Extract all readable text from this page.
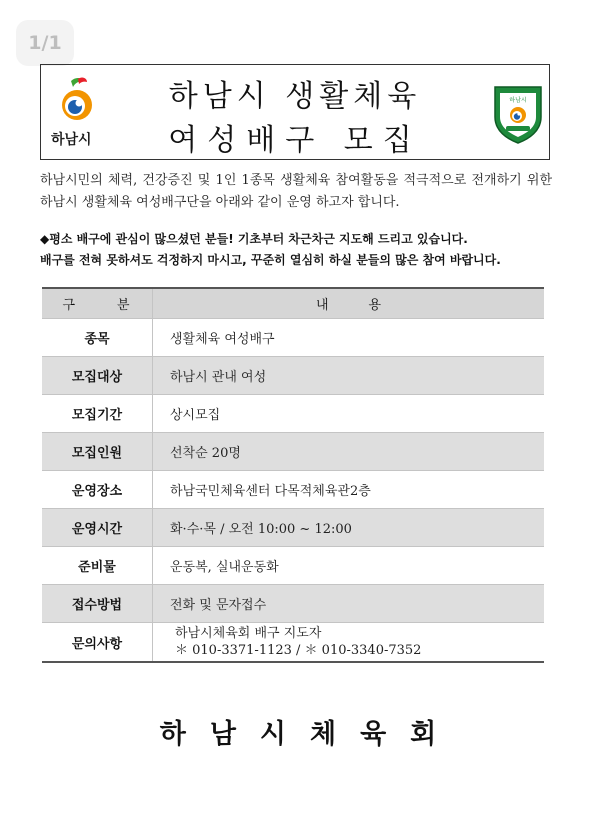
1/1
하남시
하남시 생활체육
여성배구 모집
하남시
하남시민의 체력, 건강증진 및 1인 1종목 생활체육 참여활동을 적극적으로 전개하기 위한 하남시 생활체육 여성배구단을 아래와 같이 운영 하고자 합니다.
◆평소 배구에 관심이 많으셨던 분들! 기초부터 차근차근 지도해 드리고 있습니다.
배구를 전혀 못하셔도 걱정하지 마시고, 꾸준히 열심히 하실 분들의 많은 참여 바랍니다.
구 분	내 용
종목	생활체육 여성배구
모집대상	하남시 관내 여성
모집기간	상시모집
모집인원	선착순 20명
운영장소	하남국민체육센터 다목적체육관2층
운영시간	화·수·목 / 오전 10:00 ~ 12:00
준비물	운동복, 실내운동화
접수방법	전화 및 문자접수
문의사항	하남시체육회 배구 지도자
＊ 010-3371-1123 / ＊ 010-3340-7352
하남시체육회
